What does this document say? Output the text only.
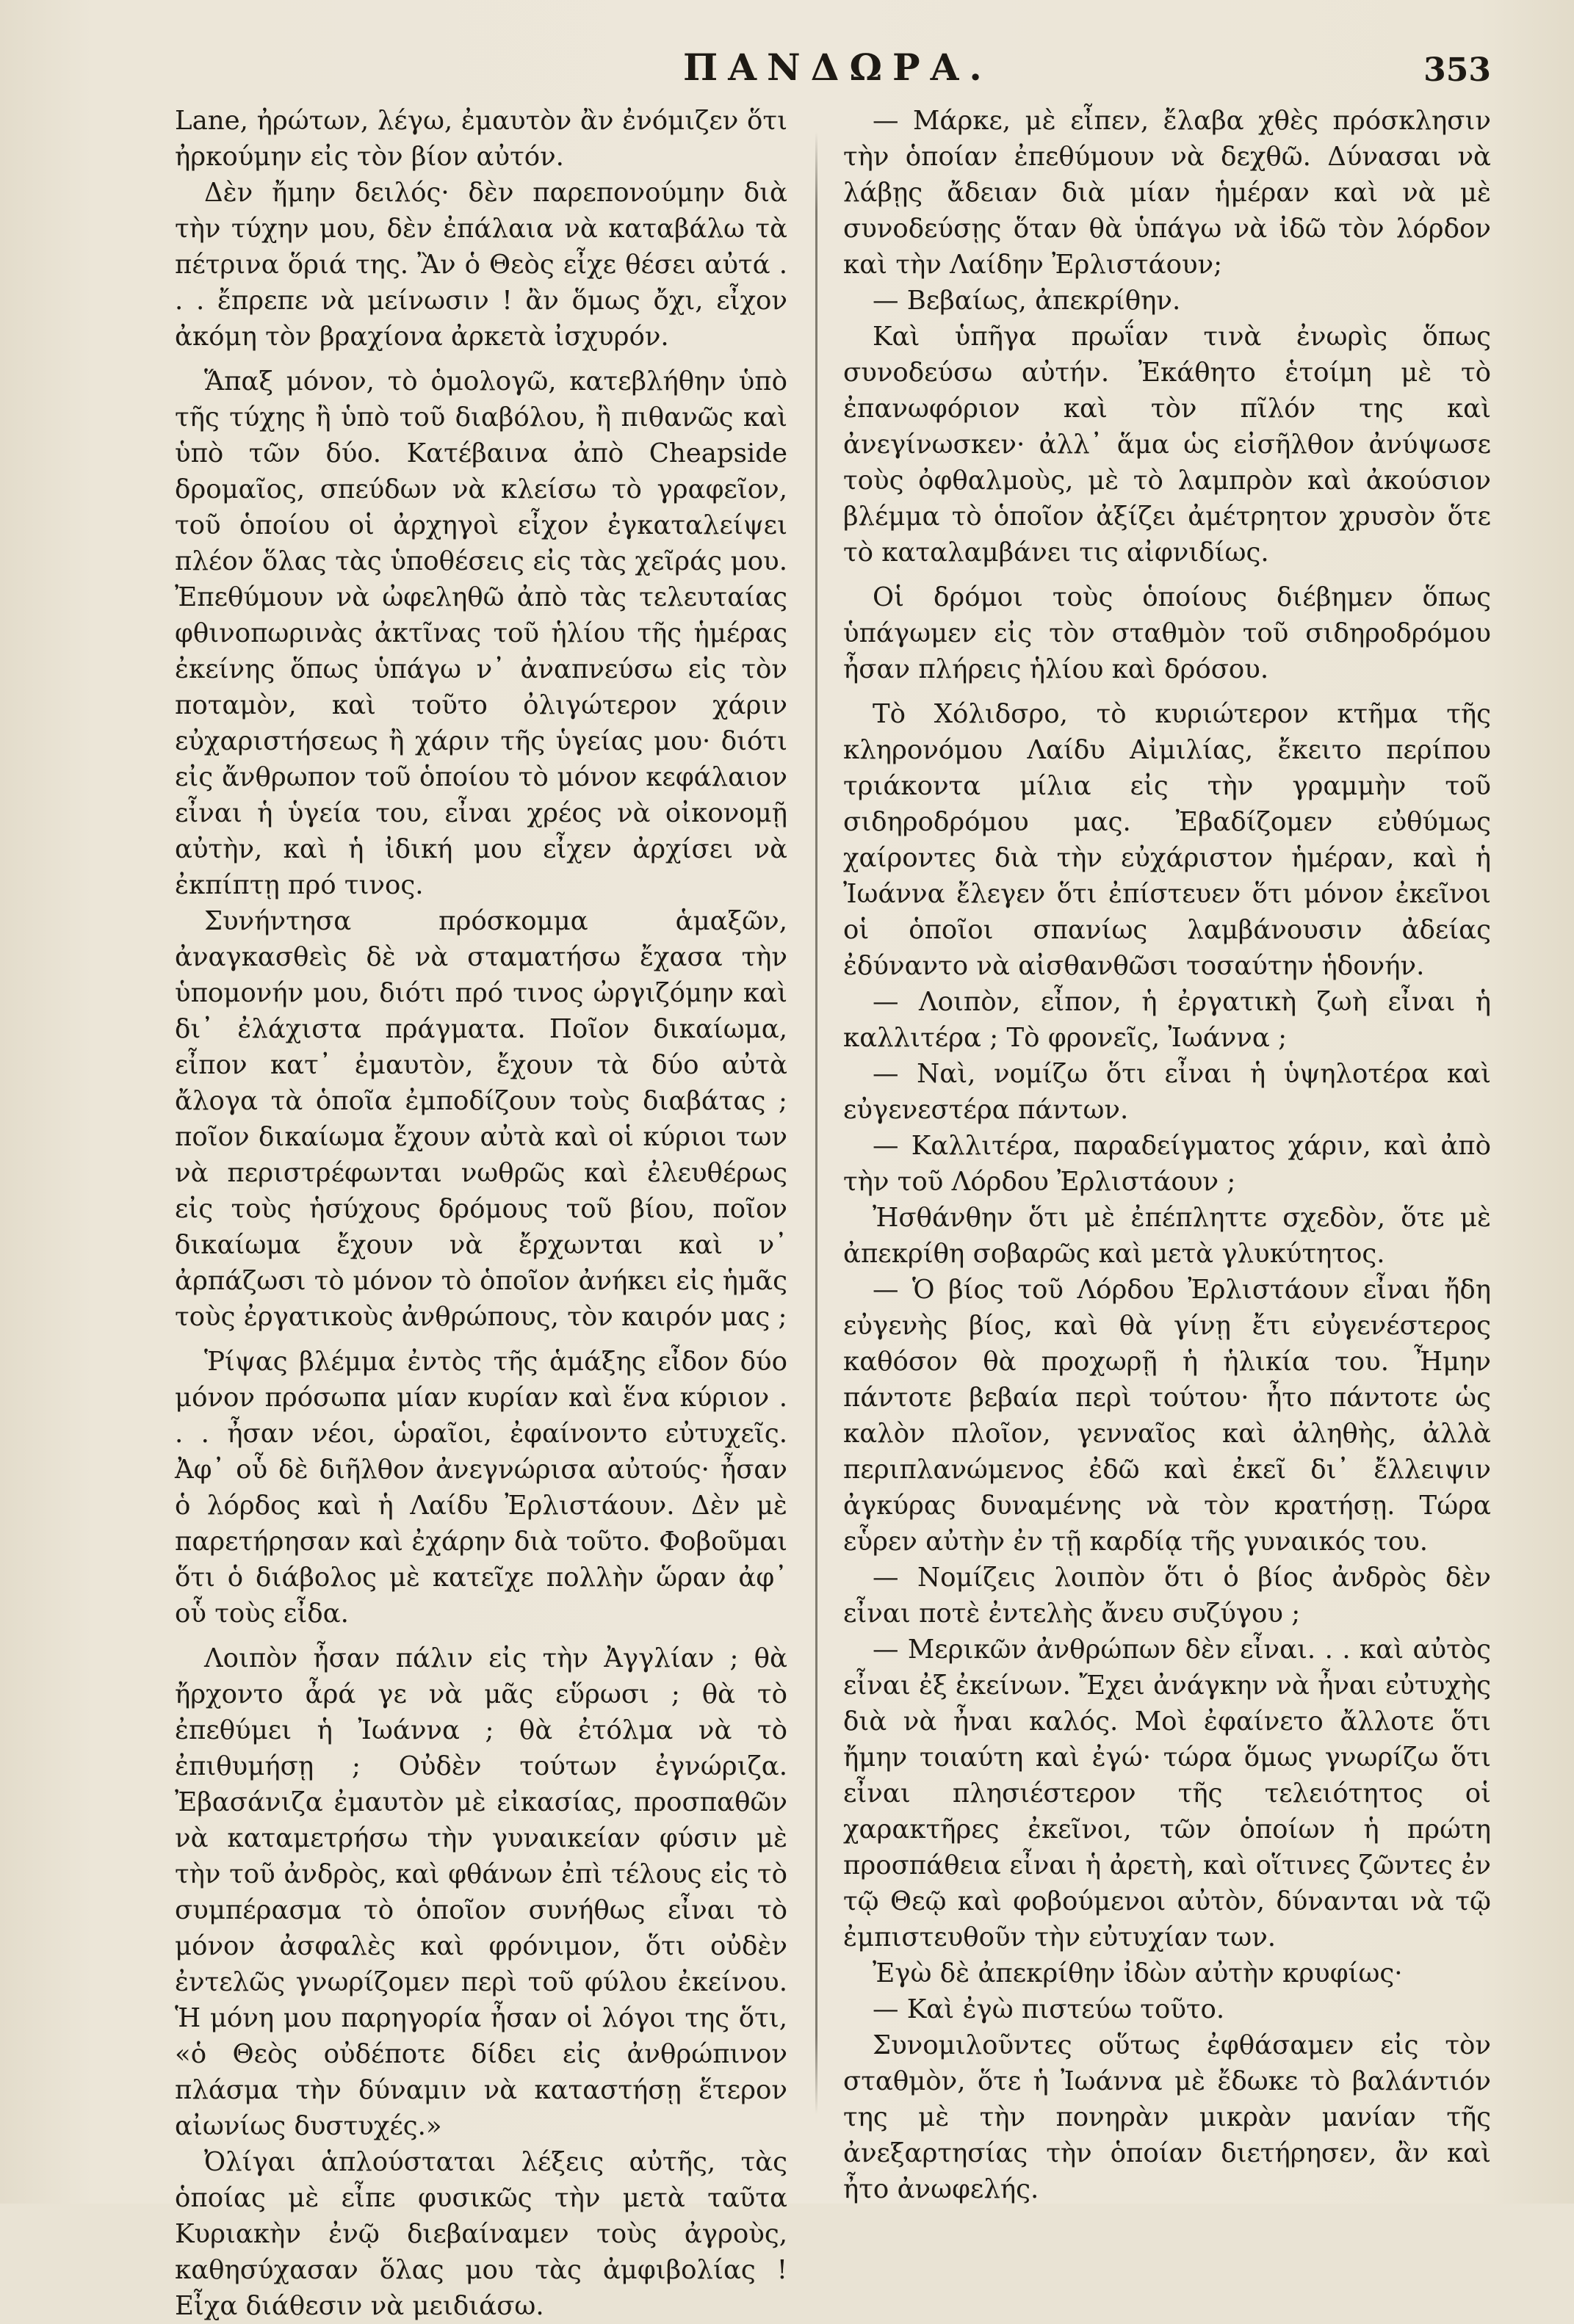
ΠΑΝΔΩΡΑ.	353

Lane, ἠρώτων, λέγω, ἐμαυτὸν ἂν ἐνόμιζεν ὅτι ἠρκούμην εἰς τὸν βίον αὐτόν.

Δὲν ἤμην δειλός· δὲν παρεπονούμην διὰ τὴν τύχην μου, δὲν ἐπάλαια νὰ καταβάλω τὰ πέτρινα ὅριά της. Ἂν ὁ Θεὸς εἶχε θέσει αὐτά . . . ἔπρεπε νὰ μείνωσιν ! ἂν ὅμως ὄχι, εἶχον ἀκόμη τὸν βραχίονα ἀρκετὰ ἰσχυρόν.

Ἅπαξ μόνον, τὸ ὁμολογῶ, κατεβλήθην ὑπὸ τῆς τύχης ἢ ὑπὸ τοῦ διαβόλου, ἢ πιθανῶς καὶ ὑπὸ τῶν δύο. Κατέβαινα ἀπὸ Cheapside δρομαῖος, σπεύδων νὰ κλείσω τὸ γραφεῖον, τοῦ ὁποίου οἱ ἀρχηγοὶ εἶχον ἐγκαταλείψει πλέον ὅλας τὰς ὑποθέσεις εἰς τὰς χεῖράς μου. Ἐπεθύμουν νὰ ὠφεληθῶ ἀπὸ τὰς τελευταίας φθινοπωρινὰς ἀκτῖνας τοῦ ἡλίου τῆς ἡμέρας ἐκείνης ὅπως ὑπάγω ν᾽ ἀναπνεύσω εἰς τὸν ποταμὸν, καὶ τοῦτο ὀλιγώτερον χάριν εὐχαριστήσεως ἢ χάριν τῆς ὑγείας μου· διότι εἰς ἄνθρωπον τοῦ ὁποίου τὸ μόνον κεφάλαιον εἶναι ἡ ὑγεία του, εἶναι χρέος νὰ οἰκονομῇ αὐτὴν, καὶ ἡ ἰδική μου εἶχεν ἀρχίσει νὰ ἐκπίπτῃ πρό τινος.

Συνήντησα πρόσκομμα ἁμαξῶν, ἀναγκασθεὶς δὲ νὰ σταματήσω ἔχασα τὴν ὑπομονήν μου, διότι πρό τινος ὠργιζόμην καὶ δι᾽ ἐλάχιστα πράγματα. Ποῖον δικαίωμα, εἶπον κατ᾽ ἐμαυτὸν, ἔχουν τὰ δύο αὐτὰ ἄλογα τὰ ὁποῖα ἐμποδίζουν τοὺς διαβάτας ; ποῖον δικαίωμα ἔχουν αὐτὰ καὶ οἱ κύριοι των νὰ περιστρέφωνται νωθρῶς καὶ ἐλευθέρως εἰς τοὺς ἡσύχους δρόμους τοῦ βίου, ποῖον δικαίωμα ἔχουν νὰ ἔρχωνται καὶ ν᾽ ἀρπάζωσι τὸ μόνον τὸ ὁποῖον ἀνήκει εἰς ἡμᾶς τοὺς ἐργατικοὺς ἀνθρώπους, τὸν καιρόν μας ;

Ῥίψας βλέμμα ἐντὸς τῆς ἁμάξης εἶδον δύο μόνον πρόσωπα μίαν κυρίαν καὶ ἕνα κύριον . . . ἦσαν νέοι, ὡραῖοι, ἐφαίνοντο εὐτυχεῖς. Ἀφ᾽ οὗ δὲ διῆλθον ἀνεγνώρισα αὐτούς· ἦσαν ὁ λόρδος καὶ ἡ Λαίδυ Ἐρλιστάουν. Δὲν μὲ παρετήρησαν καὶ ἐχάρην διὰ τοῦτο. Φοβοῦμαι ὅτι ὁ διάβολος μὲ κατεῖχε πολλὴν ὥραν ἀφ᾽ οὗ τοὺς εἶδα.

Λοιπὸν ἦσαν πάλιν εἰς τὴν Ἀγγλίαν ; θὰ ἤρχοντο ἆρά γε νὰ μᾶς εὕρωσι ; θὰ τὸ ἐπεθύμει ἡ Ἰωάννα ; θὰ ἐτόλμα νὰ τὸ ἐπιθυμήσῃ ; Οὐδὲν τούτων ἐγνώριζα. Ἐβασάνιζα ἐμαυτὸν μὲ εἰκασίας, προσπαθῶν νὰ καταμετρήσω τὴν γυναικείαν φύσιν μὲ τὴν τοῦ ἀνδρὸς, καὶ φθάνων ἐπὶ τέλους εἰς τὸ συμπέρασμα τὸ ὁποῖον συνήθως εἶναι τὸ μόνον ἀσφαλὲς καὶ φρόνιμον, ὅτι οὐδὲν ἐντελῶς γνωρίζομεν περὶ τοῦ φύλου ἐκείνου. Ἡ μόνη μου παρηγορία ἦσαν οἱ λόγοι της ὅτι, «ὁ Θεὸς οὐδέποτε δίδει εἰς ἀνθρώπινον πλάσμα τὴν δύναμιν νὰ καταστήσῃ ἕτερον αἰωνίως δυστυχές.»

Ὀλίγαι ἁπλούσταται λέξεις αὐτῆς, τὰς ὁποίας μὲ εἶπε φυσικῶς τὴν μετὰ ταῦτα Κυριακὴν ἐνῷ διεβαίναμεν τοὺς ἀγροὺς, καθησύχασαν ὅλας μου τὰς ἀμφιβολίας ! Εἶχα διάθεσιν νὰ μειδιάσω.

— Μάρκε, μὲ εἶπεν, ἔλαβα χθὲς πρόσκλησιν τὴν ὁποίαν ἐπεθύμουν νὰ δεχθῶ. Δύνασαι νὰ λάβῃς ἄδειαν διὰ μίαν ἡμέραν καὶ νὰ μὲ συνοδεύσῃς ὅταν θὰ ὑπάγω νὰ ἰδῶ τὸν λόρδον καὶ τὴν Λαίδην Ἐρλιστάουν;

— Βεβαίως, ἀπεκρίθην.

Καὶ ὑπῆγα πρωΐαν τινὰ ἐνωρὶς ὅπως συνοδεύσω αὐτήν. Ἐκάθητο ἑτοίμη μὲ τὸ ἐπανωφόριον καὶ τὸν πῖλόν της καὶ ἀνεγίνωσκεν· ἀλλ᾽ ἅμα ὡς εἰσῆλθον ἀνύψωσε τοὺς ὀφθαλμοὺς, μὲ τὸ λαμπρὸν καὶ ἀκούσιον βλέμμα τὸ ὁποῖον ἀξίζει ἀμέτρητον χρυσὸν ὅτε τὸ καταλαμβάνει τις αἰφνιδίως.

Οἱ δρόμοι τοὺς ὁποίους διέβημεν ὅπως ὑπάγωμεν εἰς τὸν σταθμὸν τοῦ σιδηροδρόμου ἦσαν πλήρεις ἡλίου καὶ δρόσου.

Τὸ Χόλιδσρο, τὸ κυριώτερον κτῆμα τῆς κληρονόμου Λαίδυ Αἰμιλίας, ἔκειτο περίπου τριάκοντα μίλια εἰς τὴν γραμμὴν τοῦ σιδηροδρόμου μας. Ἐβαδίζομεν εὐθύμως χαίροντες διὰ τὴν εὐχάριστον ἡμέραν, καὶ ἡ Ἰωάννα ἔλεγεν ὅτι ἐπίστευεν ὅτι μόνον ἐκεῖνοι οἱ ὁποῖοι σπανίως λαμβάνουσιν ἀδείας ἐδύναντο νὰ αἰσθανθῶσι τοσαύτην ἡδονήν.

— Λοιπὸν, εἶπον, ἡ ἐργατικὴ ζωὴ εἶναι ἡ καλλιτέρα ; Τὸ φρονεῖς, Ἰωάννα ;

— Ναὶ, νομίζω ὅτι εἶναι ἡ ὑψηλοτέρα καὶ εὐγενεστέρα πάντων.

— Καλλιτέρα, παραδείγματος χάριν, καὶ ἀπὸ τὴν τοῦ Λόρδου Ἐρλιστάουν ;

Ἠσθάνθην ὅτι μὲ ἐπέπληττε σχεδὸν, ὅτε μὲ ἀπεκρίθη σοβαρῶς καὶ μετὰ γλυκύτητος.

— Ὁ βίος τοῦ Λόρδου Ἐρλιστάουν εἶναι ἤδη εὐγενὴς βίος, καὶ θὰ γίνῃ ἔτι εὐγενέστερος καθόσον θὰ προχωρῇ ἡ ἡλικία του. Ἦμην πάντοτε βεβαία περὶ τούτου· ἦτο πάντοτε ὡς καλὸν πλοῖον, γενναῖος καὶ ἀληθὴς, ἀλλὰ περιπλανώμενος ἐδῶ καὶ ἐκεῖ δι᾽ ἔλλειψιν ἀγκύρας δυναμένης νὰ τὸν κρατήσῃ. Τώρα εὗρεν αὐτὴν ἐν τῇ καρδίᾳ τῆς γυναικός του.

— Νομίζεις λοιπὸν ὅτι ὁ βίος ἀνδρὸς δὲν εἶναι ποτὲ ἐντελὴς ἄνευ συζύγου ;

— Μερικῶν ἀνθρώπων δὲν εἶναι. . . καὶ αὐτὸς εἶναι ἐξ ἐκείνων. Ἔχει ἀνάγκην νὰ ἦναι εὐτυχὴς διὰ νὰ ἦναι καλός. Μοὶ ἐφαίνετο ἄλλοτε ὅτι ἤμην τοιαύτη καὶ ἐγώ· τώρα ὅμως γνωρίζω ὅτι εἶναι πλησιέστερον τῆς τελειότητος οἱ χαρακτῆρες ἐκεῖνοι, τῶν ὁποίων ἡ πρώτη προσπάθεια εἶναι ἡ ἀρετὴ, καὶ οἵτινες ζῶντες ἐν τῷ Θεῷ καὶ φοβούμενοι αὐτὸν, δύνανται νὰ τῷ ἐμπιστευθοῦν τὴν εὐτυχίαν των.

Ἐγὼ δὲ ἀπεκρίθην ἰδὼν αὐτὴν κρυφίως·

— Καὶ ἐγὼ πιστεύω τοῦτο.

Συνομιλοῦντες οὕτως ἐφθάσαμεν εἰς τὸν σταθμὸν, ὅτε ἡ Ἰωάννα μὲ ἔδωκε τὸ βαλάντιόν της μὲ τὴν πονηρὰν μικρὰν μανίαν τῆς ἀνεξαρτησίας τὴν ὁποίαν διετήρησεν, ἂν καὶ ἦτο ἀνωφελής.
